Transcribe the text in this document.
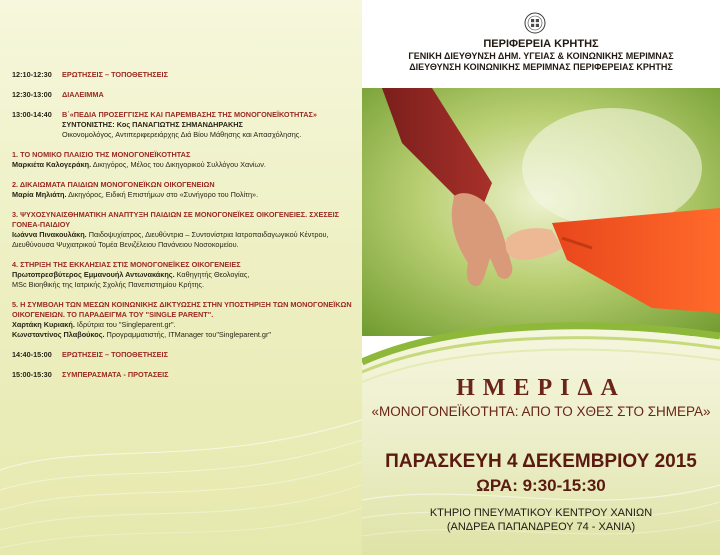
12:10-12:30	ΕΡΩΤΗΣΕΙΣ – ΤΟΠΟΘΕΤΗΣΕΙΣ
12:30-13:00	ΔΙΑΛΕΙΜΜΑ
13:00-14:40	Β΄«ΠΕΔΙΑ ΠΡΟΣΕΓΓΙΣΗΣ ΚΑΙ ΠΑΡΕΜΒΑΣΗΣ ΤΗΣ ΜΟΝΟΓΟΝΕΪΚΟΤΗΤΑΣ»
ΣΥΝΤΟΝΙΣΤΗΣ: Κος ΠΑΝΑΓΙΩΤΗΣ ΣΗΜΑΝΔΗΡΑΚΗΣ
Οικονομολόγος, Αντιπεριφερειάρχης Διά Βίου Μάθησης και Απασχόλησης.
1. ΤΟ ΝΟΜΙΚΟ ΠΛΑΙΣΙΟ ΤΗΣ ΜΟΝΟΓΟΝΕΪΚΟΤΗΤΑΣ
Μαρκιέτα Καλογεράκη. Δικηγόρος, Μέλος του Δικηγορικού Συλλόγου Χανίων.
2. ΔΙΚΑΙΩΜΑΤΑ ΠΑΙΔΙΩΝ ΜΟΝΟΓΟΝΕΪΚΩΝ ΟΙΚΟΓΕΝΕΙΩΝ
Μαρία Μηλιάτη. Δικηγόρος, Ειδική Επιστήμων στο «Συνήγορο του Πολίτη».
3. ΨΥΧΟΣΥΝΑΙΣΘΗΜΑΤΙΚΗ ΑΝΑΠΤΥΞΗ ΠΑΙΔΙΩΝ ΣΕ ΜΟΝΟΓΟΝΕΪΚΕΣ ΟΙΚΟΓΕΝΕΙΕΣ. ΣΧΕΣΕΙΣ ΓΟΝΕΑ-ΠΑΙΔΙΟΥ
Ιωάννα Πινακουλάκη. Παιδοψυχίατρος, Διευθύντρια – Συντονίστρια Ιατροπαιδαγωγικού Κέντρου, Διευθύνουσα Ψυχιατρικού Τομέα Βενιζέλειου Πανάνειου Νοσοκομείου.
4. ΣΤΗΡΙΞΗ ΤΗΣ ΕΚΚΛΗΣΙΑΣ ΣΤΙΣ ΜΟΝΟΓΟΝΕΪΚΕΣ ΟΙΚΟΓΕΝΕΙΕΣ
Πρωτοπρεσβύτερος Εμμανουήλ Αντωνακάκης. Καθηγητής Θεολογίας,
MSc Βιοηθικής της Ιατρικής Σχολής Πανεπιστημίου Κρήτης.
5. Η ΣΥΜΒΟΛΗ ΤΩΝ ΜΕΣΩΝ ΚΟΙΝΩΝΙΚΗΣ ΔΙΚΤΥΩΣΗΣ ΣΤΗΝ ΥΠΟΣΤΗΡΙΞΗ ΤΩΝ ΜΟΝΟΓΟΝΕΪΚΩΝ ΟΙΚΟΓΕΝΕΙΩΝ. ΤΟ ΠΑΡΑΔΕΙΓΜΑ ΤΟΥ "SINGLE PARENT".
Χαρτάκη Κυριακή. Ιδρύτρια του "Singleparent.gr".
Κωνσταντίνος Πλαβούκος. Προγραμματιστής, ITManager του"Singleparent.gr"
14:40-15:00	ΕΡΩΤΗΣΕΙΣ – ΤΟΠΟΘΕΤΗΣΕΙΣ
15:00-15:30	ΣΥΜΠΕΡΑΣΜΑΤΑ - ΠΡΟΤΑΣΕΙΣ
ΠΕΡΙΦΕΡΕΙΑ ΚΡΗΤΗΣ
ΓΕΝΙΚΗ ΔΙΕΥΘΥΝΣΗ ΔΗΜ. ΥΓΕΙΑΣ & ΚΟΙΝΩΝΙΚΗΣ ΜΕΡΙΜΝΑΣ
ΔΙΕΥΘΥΝΣΗ ΚΟΙΝΩΝΙΚΗΣ ΜΕΡΙΜΝΑΣ ΠΕΡΙΦΕΡΕΙΑΣ ΚΡΗΤΗΣ
ΗΜΕΡΙΔΑ
«ΜΟΝΟΓΟΝΕΪΚΟΤΗΤΑ: ΑΠΟ ΤΟ ΧΘΕΣ ΣΤΟ ΣΗΜΕΡΑ»
ΠΑΡΑΣΚΕΥΗ 4 ΔΕΚΕΜΒΡΙΟΥ 2015
ΩΡΑ: 9:30-15:30
ΚΤΗΡΙΟ ΠΝΕΥΜΑΤΙΚΟΥ ΚΕΝΤΡΟΥ ΧΑΝΙΩΝ
(ΑΝΔΡΕΑ ΠΑΠΑΝΔΡΕΟΥ 74 - ΧΑΝΙΑ)
